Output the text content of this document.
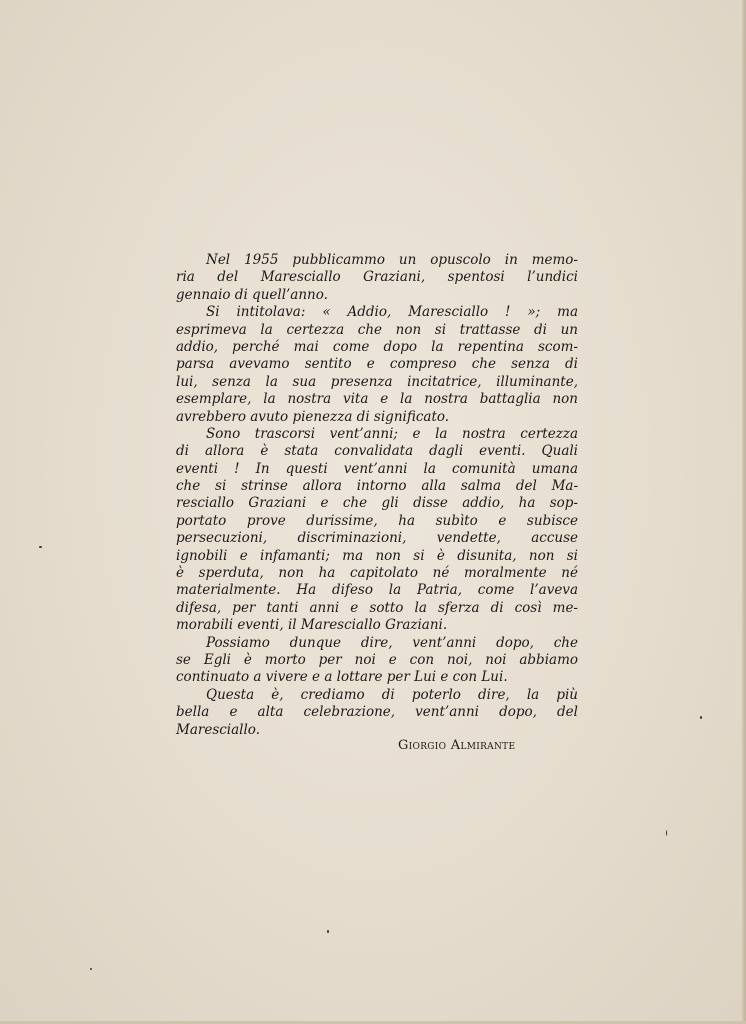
Nel 1955 pubblicammo un opuscolo in memo-
ria del Maresciallo Graziani, spentosi l’undici
gennaio di quell’anno.
Si intitolava: « Addio, Maresciallo ! »; ma
esprimeva la certezza che non si trattasse di un
addio, perché mai come dopo la repentina scom-
parsa avevamo sentito e compreso che senza di
lui, senza la sua presenza incitatrice, illuminante,
esemplare, la nostra vita e la nostra battaglia non
avrebbero avuto pienezza di significato.
Sono trascorsi vent’anni; e la nostra certezza
di allora è stata convalidata dagli eventi. Quali
eventi ! In questi vent’anni la comunità umana
che si strinse allora intorno alla salma del Ma-
resciallo Graziani e che gli disse addio, ha sop-
portato prove durissime, ha subìto e subisce
persecuzioni, discriminazioni, vendette, accuse
ignobili e infamanti; ma non si è disunita, non si
è sperduta, non ha capitolato né moralmente né
materialmente. Ha difeso la Patria, come l’aveva
difesa, per tanti anni e sotto la sferza di così me-
morabili eventi, il Maresciallo Graziani.
Possiamo dunque dire, vent’anni dopo, che
se Egli è morto per noi e con noi, noi abbiamo
continuato a vivere e a lottare per Lui e con Lui.
Questa è, crediamo di poterlo dire, la più
bella e alta celebrazione, vent’anni dopo, del
Maresciallo.
Giorgio Almirante
